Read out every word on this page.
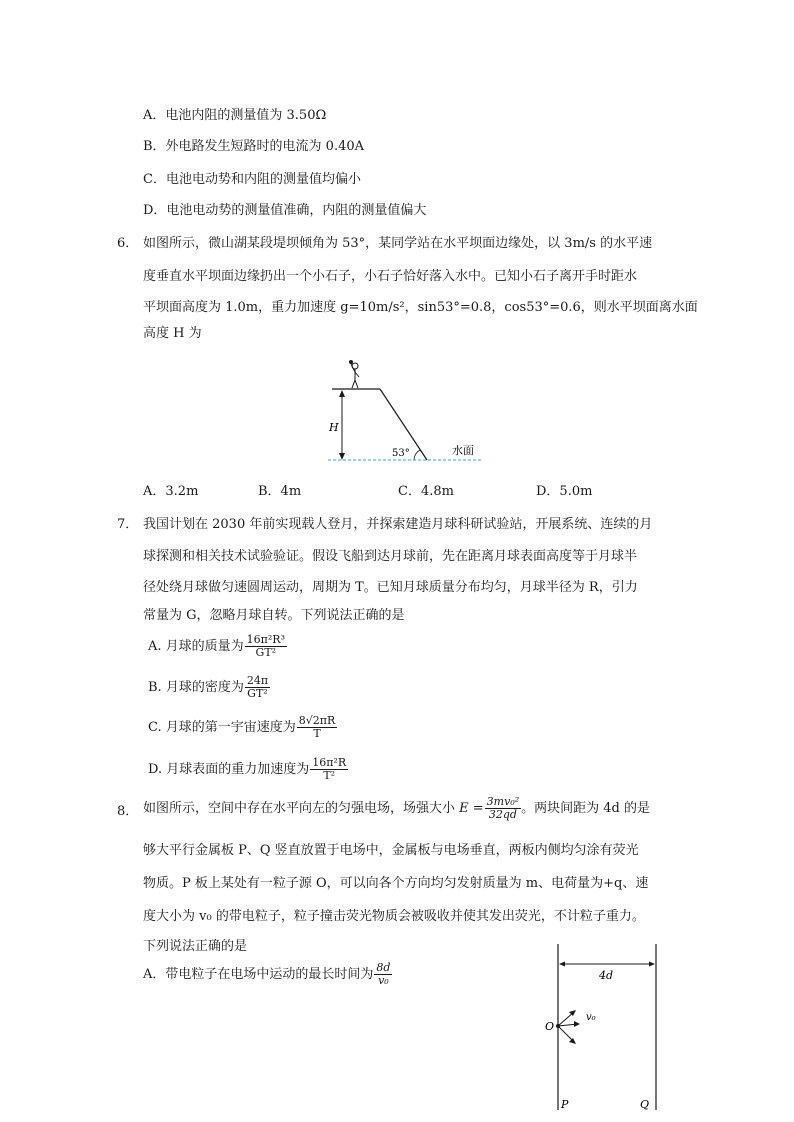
A．电池内阻的测量值为 3.50Ω
B．外电路发生短路时的电流为 0.40A
C．电池电动势和内阻的测量值均偏小
D．电池电动势的测量值准确，内阻的测量值偏大
6． 如图所示，微山湖某段堤坝倾角为 53°，某同学站在水平坝面边缘处，以 3m/s 的水平速
度垂直水平坝面边缘扔出一个小石子，小石子恰好落入水中。已知小石子离开手时距水
平坝面高度为 1.0m，重力加速度 g=10m/s²，sin53°=0.8，cos53°=0.6，则水平坝面离水面
高度 H 为
H
53°	水面
A．3.2m	B．4m	C．4.8m	D．5.0m
7． 我国计划在 2030 年前实现载人登月，并探索建造月球科研试验站，开展系统、连续的月
球探测和相关技术试验验证。假设飞船到达月球前，先在距离月球表面高度等于月球半
径处绕月球做匀速圆周运动，周期为 T。已知月球质量分布均匀，月球半径为 R，引力
常量为 G，忽略月球自转。下列说法正确的是
A. 月球的质量为 $\frac{\text{16π²R³}}{\text{GT²}}$
B. 月球的密度为 $\frac{24\pi}{\text{GT²}}$
C. 月球的第一宇宙速度为 $\frac{8√2\pi R}{T}$
D. 月球表面的重力加速度为 $\frac{\text{16π²R}}{\text{T²}}$
8． 如图所示，空间中存在水平向左的匀强电场，场强大小 $E = \frac{\text{3mv₀²}}{32qd}$ 。两块间距为 4d 的是
够大平行金属板 P、Q 竖直放置于电场中，金属板与电场垂直，两板内侧均匀涂有荧光
物质。P 板上某处有一粒子源 O，可以向各个方向均匀发射质量为 m、电荷量为+q、速
度大小为 v₀ 的带电粒子，粒子撞击荧光物质会被吸收并使其发出荧光，不计粒子重力。
下列说法正确的是
A．带电粒子在电场中运动的最长时间为 $\frac{8d}{\text{v₀}}$	4d
O
v₀
P	Q
